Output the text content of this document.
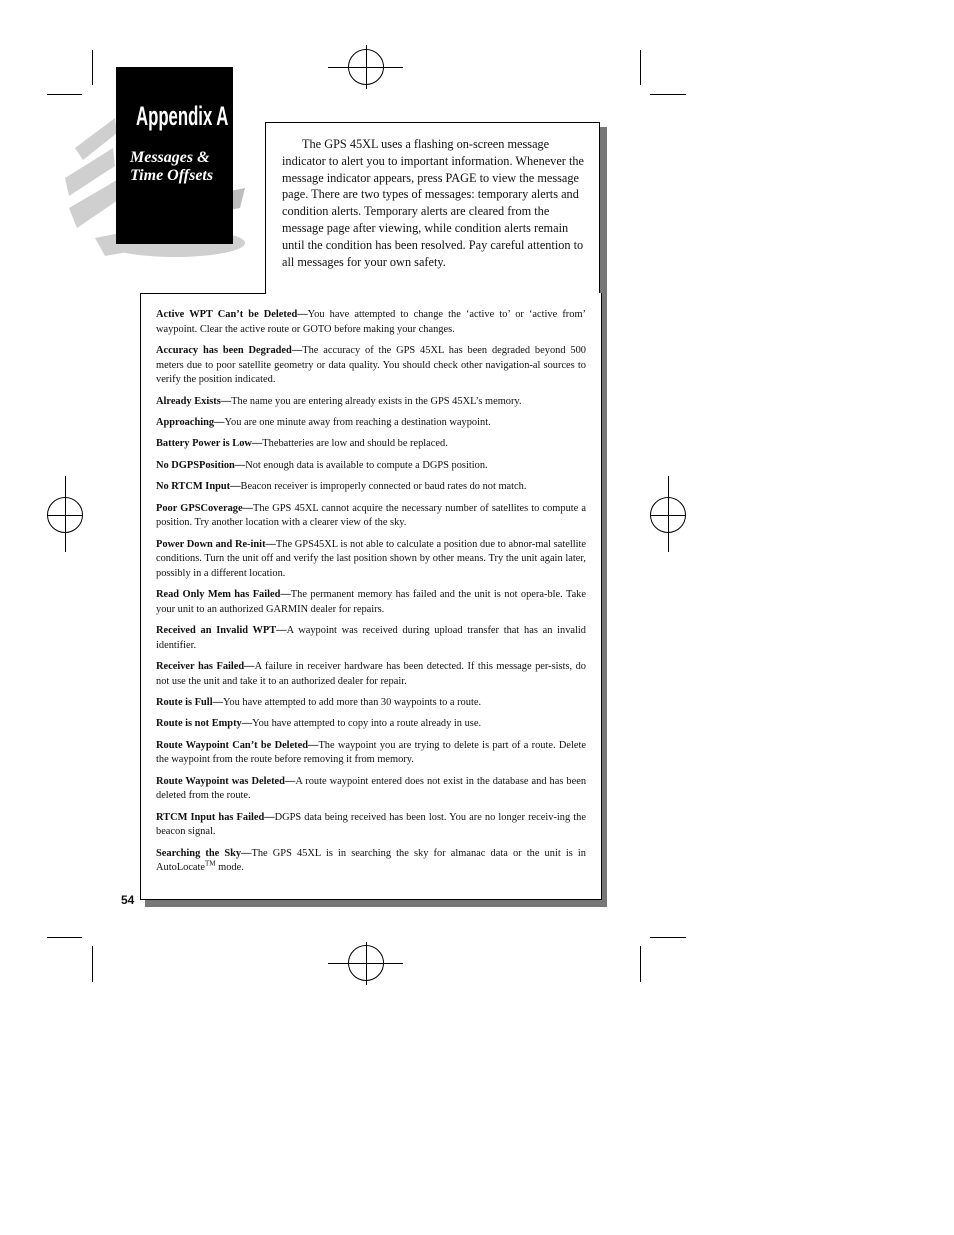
Appendix A
Messages &
Time Offsets

The GPS 45XL uses a flashing on-screen message indicator to alert you to important information. Whenever the message indicator appears, press PAGE to view the message page. There are two types of messages: temporary alerts and condition alerts. Temporary alerts are cleared from the message page after viewing, while condition alerts remain until the condition has been resolved. Pay careful attention to all messages for your own safety.

Active WPT Can’t be Deleted—You have attempted to change the ‘active to’ or ‘active from’ waypoint. Clear the active route or GOTO before making your changes.
Accuracy has been Degraded—The accuracy of the GPS 45XL has been degraded beyond 500 meters due to poor satellite geometry or data quality. You should check other navigation-al sources to verify the position indicated.
Already Exists—The name you are entering already exists in the GPS 45XL’s memory.
Approaching—You are one minute away from reaching a destination waypoint.
Battery Power is Low—Thebatteries are low and should be replaced.
No DGPSPosition—Not enough data is available to compute a DGPS position.
No RTCM Input—Beacon receiver is improperly connected or baud rates do not match.
Poor GPSCoverage—The GPS 45XL cannot acquire the necessary number of satellites to compute a position. Try another location with a clearer view of the sky.
Power Down and Re-init—The GPS45XL is not able to calculate a position due to abnor-mal satellite conditions. Turn the unit off and verify the last position shown by other means. Try the unit again later, possibly in a different location.
Read Only Mem has Failed—The permanent memory has failed and the unit is not opera-ble. Take your unit to an authorized GARMIN dealer for repairs.
Received an Invalid WPT—A waypoint was received during upload transfer that has an invalid identifier.
Receiver has Failed—A failure in receiver hardware has been detected. If this message per-sists, do not use the unit and take it to an authorized dealer for repair.
Route is Full—You have attempted to add more than 30 waypoints to a route.
Route is not Empty—You have attempted to copy into a route already in use.
Route Waypoint Can’t be Deleted—The waypoint you are trying to delete is part of a route. Delete the waypoint from the route before removing it from memory.
Route Waypoint was Deleted—A route waypoint entered does not exist in the database and has been deleted from the route.
RTCM Input has Failed—DGPS data being received has been lost. You are no longer receiv-ing the beacon signal.
Searching the Sky—The GPS 45XL is in searching the sky for almanac data or the unit is in AutoLocate™ mode.
54
